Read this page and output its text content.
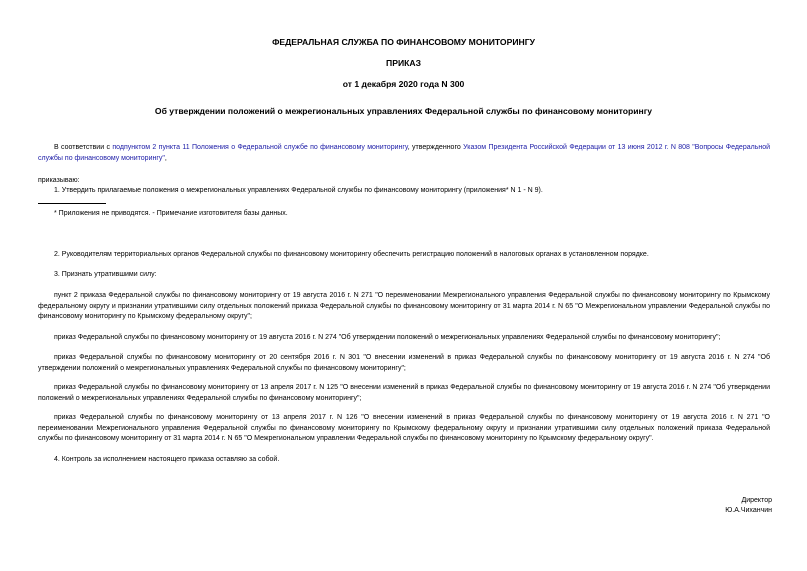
ФЕДЕРАЛЬНАЯ СЛУЖБА ПО ФИНАНСОВОМУ МОНИТОРИНГУ
ПРИКАЗ
от 1 декабря 2020 года N 300
Об утверждении положений о межрегиональных управлениях Федеральной службы по финансовому мониторингу
В соответствии с подпунктом 2 пункта 11 Положения о Федеральной службе по финансовому мониторингу, утвержденного Указом Президента Российской Федерации от 13 июня 2012 г. N 808 "Вопросы Федеральной службы по финансовому мониторингу",
приказываю:
1. Утвердить прилагаемые положения о межрегиональных управлениях Федеральной службы по финансовому мониторингу (приложения* N 1 - N 9).
* Приложения не приводятся. - Примечание изготовителя базы данных.
2. Руководителям территориальных органов Федеральной службы по финансовому мониторингу обеспечить регистрацию положений в налоговых органах в установленном порядке.
3. Признать утратившими силу:
пункт 2 приказа Федеральной службы по финансовому мониторингу от 19 августа 2016 г. N 271 "О переименовании Межрегионального управления Федеральной службы по финансовому мониторингу по Крымскому федеральному округу и признании утратившими силу отдельных положений приказа Федеральной службы по финансовому мониторингу от 31 марта 2014 г. N 65 "О Межрегиональном управлении Федеральной службы по финансовому мониторингу по Крымскому федеральному округу";
приказ Федеральной службы по финансовому мониторингу от 19 августа 2016 г. N 274 "Об утверждении положений о межрегиональных управлениях Федеральной службы по финансовому мониторингу";
приказ Федеральной службы по финансовому мониторингу от 20 сентября 2016 г. N 301 "О внесении изменений в приказ Федеральной службы по финансовому мониторингу от 19 августа 2016 г. N 274 "Об утверждении положений о межрегиональных управлениях Федеральной службы по финансовому мониторингу";
приказ Федеральной службы по финансовому мониторингу от 13 апреля 2017 г. N 125 "О внесении изменений в приказ Федеральной службы по финансовому мониторингу от 19 августа 2016 г. N 274 "Об утверждении положений о межрегиональных управлениях Федеральной службы по финансовому мониторингу";
приказ Федеральной службы по финансовому мониторингу от 13 апреля 2017 г. N 126 "О внесении изменений в приказ Федеральной службы по финансовому мониторингу от 19 августа 2016 г. N 271 "О переименовании Межрегионального управления Федеральной службы по финансовому мониторингу по Крымскому федеральному округу и признании утратившими силу отдельных положений приказа Федеральной службы по финансовому мониторингу от 31 марта 2014 г. N 65 "О Межрегиональном управлении Федеральной службы по финансовому мониторингу по Крымскому федеральному округу".
4. Контроль за исполнением настоящего приказа оставляю за собой.
Директор
Ю.А.Чиханчин
